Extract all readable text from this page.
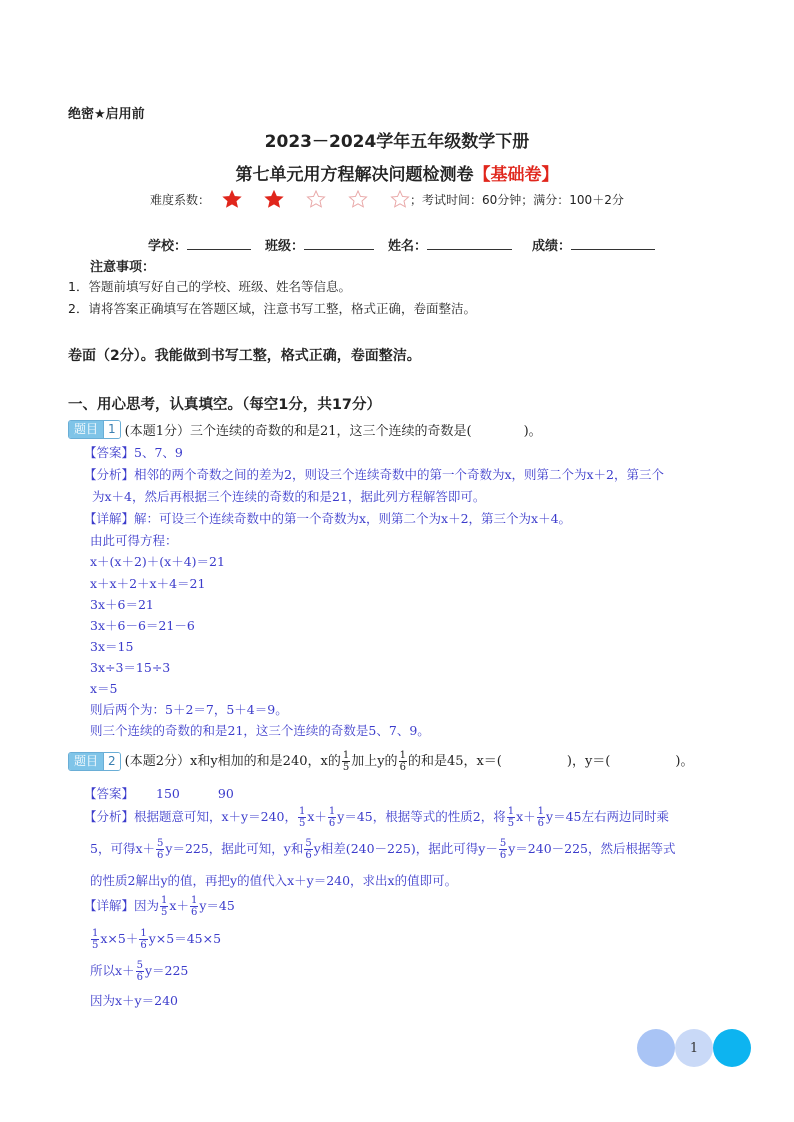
绝密★启用前
2023－2024学年五年级数学下册
第七单元用方程解决问题检测卷【基础卷】
难度系数：	；考试时间：60分钟；满分：100＋2分
学校：	班级：	姓名：	成绩：
注意事项：
1．答题前填写好自己的学校、班级、姓名等信息。
2．请将答案正确填写在答题区域，注意书写工整，格式正确，卷面整洁。
卷面（2分）。我能做到书写工整，格式正确，卷面整洁。
一、用心思考，认真填空。（每空1分，共17分）
题目 1 (本题1分）三个连续的奇数的和是21，这三个连续的奇数是(　　　　)。
【答案】5、7、9
【分析】相邻的两个奇数之间的差为2，则设三个连续奇数中的第一个奇数为x，则第二个为x＋2，第三个
为x＋4，然后再根据三个连续的奇数的和是21，据此列方程解答即可。
【详解】解：可设三个连续奇数中的第一个奇数为x，则第二个为x＋2，第三个为x＋4。
由此可得方程：
x＋(x＋2)＋(x＋4)＝21
x＋x＋2＋x＋4＝21
3x＋6＝21
3x＋6－6＝21－6
3x＝15
3x÷3＝15÷3
x＝5
则后两个为：5＋2＝7，5＋4＝9。
则三个连续的奇数的和是21，这三个连续的奇数是5、7、9。
题目 2 (本题2分）x和y相加的和是240，x的 $\frac{1}{5}$ 加上y的 $\frac{1}{6}$ 的和是45，x＝(　　　　　)，y＝(　　　　　)。
【答案】 150	90
【分析】根据题意可知，x＋y＝240， $\frac{1}{5} x+ \frac{1}{6} y=45$，根据等式的性质2，将 $\frac{1}{5} x+ \frac{1}{6} y=45$左右两边同时乘
5，可得$x+ \frac{5}{6} y=225$，据此可知，y和 $\frac{5}{6}$ y相差(240－225)，据此可得$y- \frac{5}{6} y=240-225$，然后根据等式
的性质2解出y的值，再把y的值代入x＋y＝240，求出x的值即可。
【详解】因为 $\frac{1}{5} x+ \frac{1}{6} y=45$
$\frac{1}{5} x\times 5+ \frac{1}{6} y\times 5=45\times 5$
所以$x+ \frac{5}{6} y=225$
因为x＋y＝240
1
